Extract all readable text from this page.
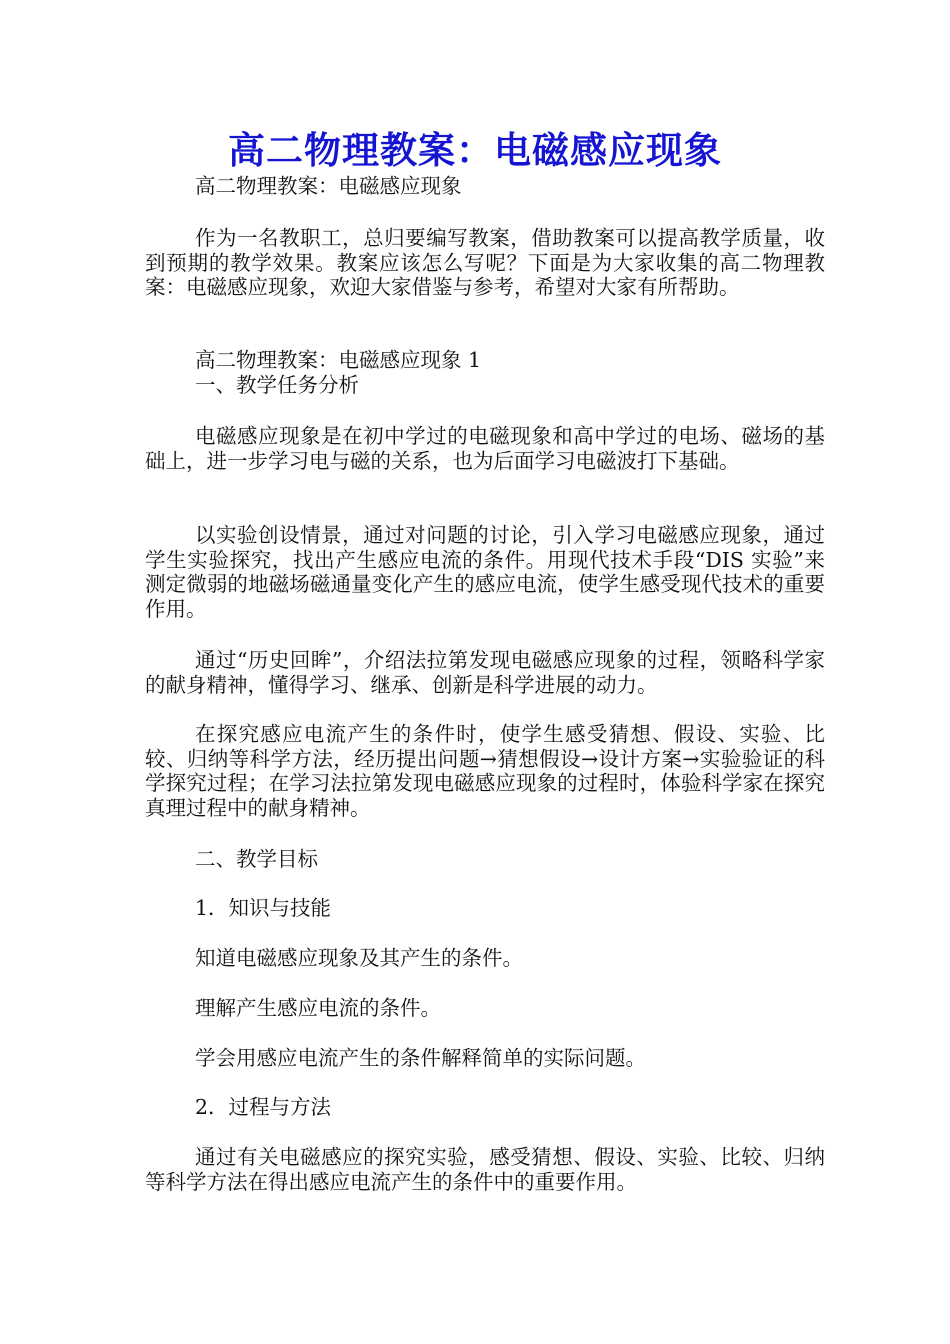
高二物理教案：电磁感应现象
高二物理教案：电磁感应现象
作为一名教职工，总归要编写教案，借助教案可以提高教学质量，收到预期的教学效果。教案应该怎么写呢？下面是为大家收集的高二物理教案：电磁感应现象，欢迎大家借鉴与参考，希望对大家有所帮助。
高二物理教案：电磁感应现象 1
一、教学任务分析
电磁感应现象是在初中学过的电磁现象和高中学过的电场、磁场的基础上，进一步学习电与磁的关系，也为后面学习电磁波打下基础。
以实验创设情景，通过对问题的讨论，引入学习电磁感应现象，通过学生实验探究，找出产生感应电流的条件。用现代技术手段“DIS 实验”来测定微弱的地磁场磁通量变化产生的感应电流，使学生感受现代技术的重要作用。
通过“历史回眸”，介绍法拉第发现电磁感应现象的过程，领略科学家的献身精神，懂得学习、继承、创新是科学进展的动力。
在探究感应电流产生的条件时，使学生感受猜想、假设、实验、比较、归纳等科学方法，经历提出问题→猜想假设→设计方案→实验验证的科学探究过程；在学习法拉第发现电磁感应现象的过程时，体验科学家在探究真理过程中的献身精神。
二、教学目标
1．知识与技能
知道电磁感应现象及其产生的条件。
理解产生感应电流的条件。
学会用感应电流产生的条件解释简单的实际问题。
2．过程与方法
通过有关电磁感应的探究实验，感受猜想、假设、实验、比较、归纳等科学方法在得出感应电流产生的条件中的重要作用。
